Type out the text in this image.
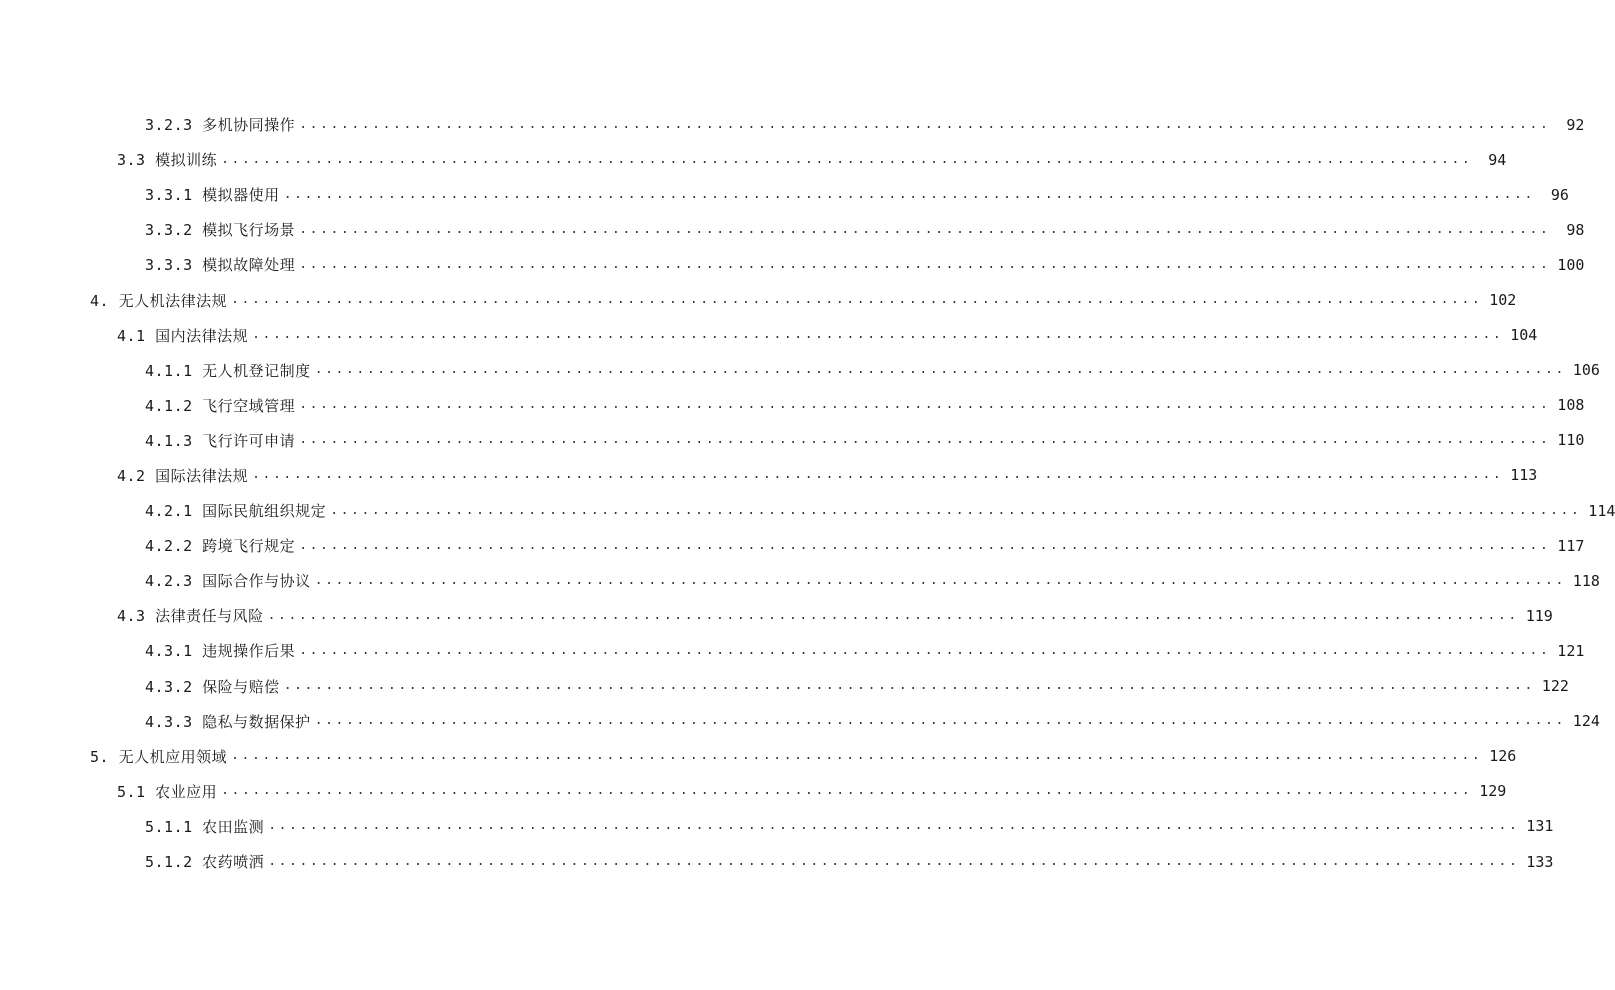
3.2.3 多机协同操作 ........................................................................................................................	92
3.3 模拟训练 ........................................................................................................................	94
3.3.1 模拟器使用 ........................................................................................................................	96
3.3.2 模拟飞行场景 ........................................................................................................................	98
3.3.3 模拟故障处理 ........................................................................................................................ 100
4. 无人机法律法规 ........................................................................................................................ 102
4.1 国内法律法规 ........................................................................................................................ 104
4.1.1 无人机登记制度 ........................................................................................................................ 106
4.1.2 飞行空域管理 ........................................................................................................................ 108
4.1.3 飞行许可申请 ........................................................................................................................ 110
4.2 国际法律法规 ........................................................................................................................ 113
4.2.1 国际民航组织规定 ........................................................................................................................ 114
4.2.2 跨境飞行规定 ........................................................................................................................ 117
4.2.3 国际合作与协议 ........................................................................................................................ 118
4.3 法律责任与风险 ........................................................................................................................ 119
4.3.1 违规操作后果 ........................................................................................................................ 121
4.3.2 保险与赔偿 ........................................................................................................................ 122
4.3.3 隐私与数据保护 ........................................................................................................................ 124
5. 无人机应用领域 ........................................................................................................................ 126
5.1 农业应用 ........................................................................................................................ 129
5.1.1 农田监测 ........................................................................................................................ 131
5.1.2 农药喷洒 ........................................................................................................................ 133
